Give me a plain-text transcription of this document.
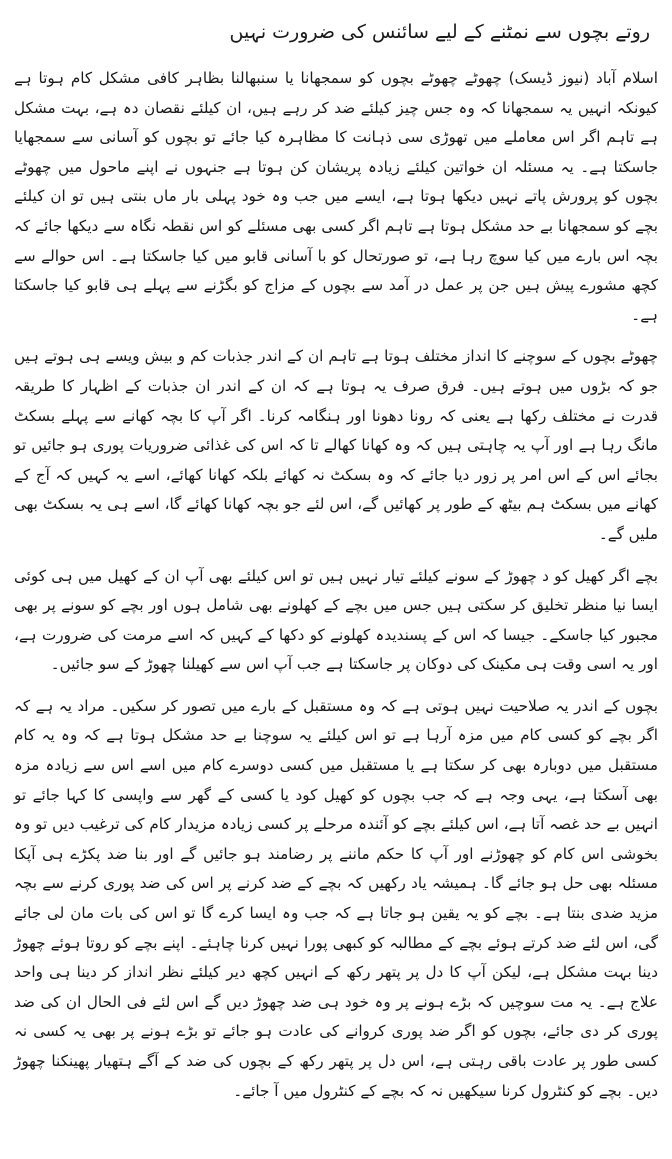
روتے بچوں سے نمٹنے کے لیے سائنس کی ضرورت نہیں

اسلام آباد (نیوز ڈیسک) چھوٹے چھوٹے بچوں کو سمجھانا یا سنبھالنا بظاہر کافی مشکل کام ہوتا ہے کیونکہ انہیں یہ سمجھانا کہ وہ جس چیز کیلئے ضد کر رہے ہیں، ان کیلئے نقصان دہ ہے، بہت مشکل ہے تاہم اگر اس معاملے میں تھوڑی سی ذہانت کا مظاہرہ کیا جائے تو بچوں کو آسانی سے سمجھایا جاسکتا ہے۔ یہ مسئلہ ان خواتین کیلئے زیادہ پریشان کن ہوتا ہے جنہوں نے اپنے ماحول میں چھوٹے بچوں کو پرورش پاتے نہیں دیکھا ہوتا ہے، ایسے میں جب وہ خود پہلی بار ماں بنتی ہیں تو ان کیلئے بچے کو سمجھانا بے حد مشکل ہوتا ہے تاہم اگر کسی بھی مسئلے کو اس نقطہ نگاہ سے دیکھا جائے کہ بچہ اس بارے میں کیا سوچ رہا ہے، تو صورتحال کو با آسانی قابو میں کیا جاسکتا ہے۔ اس حوالے سے کچھ مشورے پیش ہیں جن پر عمل در آمد سے بچوں کے مزاج کو بگڑنے سے پہلے ہی قابو کیا جاسکتا ہے۔

چھوٹے بچوں کے سوچنے کا انداز مختلف ہوتا ہے تاہم ان کے اندر جذبات کم و بیش ویسے ہی ہوتے ہیں جو کہ بڑوں میں ہوتے ہیں۔ فرق صرف یہ ہوتا ہے کہ ان کے اندر ان جذبات کے اظہار کا طریقہ قدرت نے مختلف رکھا ہے یعنی کہ رونا دھونا اور ہنگامہ کرنا۔ اگر آپ کا بچہ کھانے سے پہلے بسکٹ مانگ رہا ہے اور آپ یہ چاہتی ہیں کہ وہ کھانا کھالے تا کہ اس کی غذائی ضروریات پوری ہو جائیں تو بجائے اس کے اس امر پر زور دیا جائے کہ وہ بسکٹ نہ کھائے بلکہ کھانا کھائے، اسے یہ کہیں کہ آج کے کھانے میں بسکٹ ہم بیٹھ کے طور پر کھائیں گے، اس لئے جو بچہ کھانا کھائے گا، اسے ہی یہ بسکٹ بھی ملیں گے۔

بچے اگر کھیل کو د چھوڑ کے سونے کیلئے تیار نہیں ہیں تو اس کیلئے بھی آپ ان کے کھیل میں ہی کوئی ایسا نیا منظر تخلیق کر سکتی ہیں جس میں بچے کے کھلونے بھی شامل ہوں اور بچے کو سونے پر بھی مجبور کیا جاسکے۔ جیسا کہ اس کے پسندیدہ کھلونے کو دکھا کے کہیں کہ اسے مرمت کی ضرورت ہے، اور یہ اسی وقت ہی مکینک کی دوکان پر جاسکتا ہے جب آپ اس سے کھیلنا چھوڑ کے سو جائیں۔

بچوں کے اندر یہ صلاحیت نہیں ہوتی ہے کہ وہ مستقبل کے بارے میں تصور کر سکیں۔ مراد یہ ہے کہ اگر بچے کو کسی کام میں مزہ آرہا ہے تو اس کیلئے یہ سوچنا بے حد مشکل ہوتا ہے کہ وہ یہ کام مستقبل میں دوبارہ بھی کر سکتا ہے یا مستقبل میں کسی دوسرے کام میں اسے اس سے زیادہ مزہ بھی آسکتا ہے، یہی وجہ ہے کہ جب بچوں کو کھیل کود یا کسی کے گھر سے واپسی کا کہا جائے تو انہیں بے حد غصہ آتا ہے، اس کیلئے بچے کو آئندہ مرحلے پر کسی زیادہ مزیدار کام کی ترغیب دیں تو وہ بخوشی اس کام کو چھوڑنے اور آپ کا حکم ماننے پر رضامند ہو جائیں گے اور بنا ضد پکڑے ہی آپکا مسئلہ بھی حل ہو جائے گا۔ ہمیشہ یاد رکھیں کہ بچے کے ضد کرنے پر اس کی ضد پوری کرنے سے بچہ مزید ضدی بنتا ہے۔ بچے کو یہ یقین ہو جاتا ہے کہ جب وہ ایسا کرے گا تو اس کی بات مان لی جائے گی، اس لئے ضد کرتے ہوئے بچے کے مطالبہ کو کبھی پورا نہیں کرنا چاہئے۔ اپنے بچے کو روتا ہوئے چھوڑ دینا بہت مشکل ہے، لیکن آپ کا دل پر پتھر رکھ کے انہیں کچھ دیر کیلئے نظر انداز کر دینا ہی واحد علاج ہے۔ یہ مت سوچیں کہ بڑے ہونے پر وہ خود ہی ضد چھوڑ دیں گے اس لئے فی الحال ان کی ضد پوری کر دی جائے، بچوں کو اگر ضد پوری کروانے کی عادت ہو جائے تو بڑے ہونے پر بھی یہ کسی نہ کسی طور پر عادت باقی رہتی ہے، اس دل پر پتھر رکھ کے بچوں کی ضد کے آگے ہتھیار پھینکنا چھوڑ دیں۔ بچے کو کنٹرول کرنا سیکھیں نہ کہ بچے کے کنٹرول میں آ جائے۔
